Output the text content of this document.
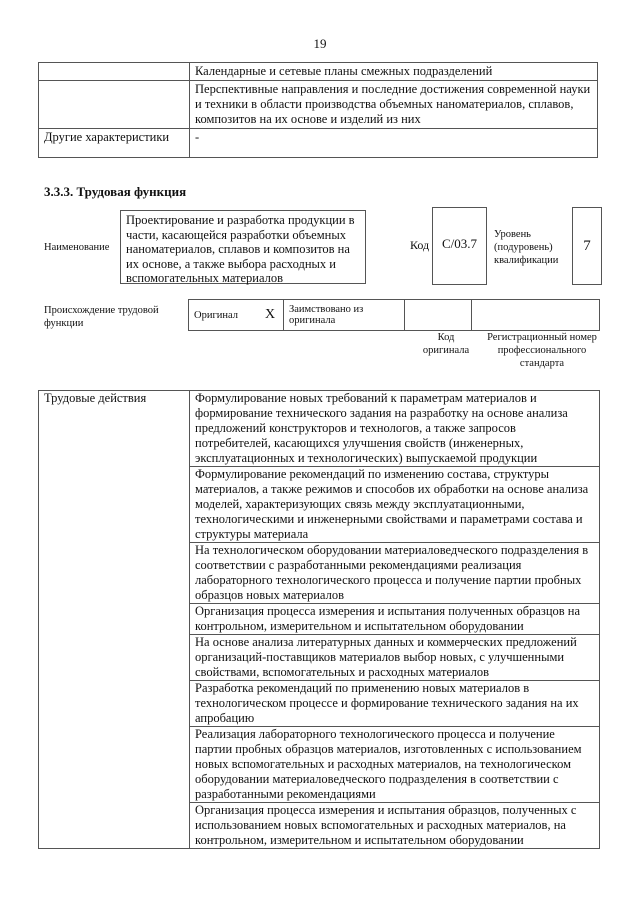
19
	Календарные и сетевые планы смежных подразделений
	Перспективные направления и последние достижения современной науки и техники в области производства объемных наноматериалов, сплавов, композитов на их основе и изделий из них
Другие характеристики	-
3.3.3. Трудовая функция
Наименование
Проектирование и разработка продукции в части, касающейся разработки объемных наноматериалов, сплавов и композитов на их основе, а также выбора расходных и вспомогательных материалов
Код С/03.7
Уровень (подуровень) квалификации
7
Происхождение трудовой функции
Оригинал	Х	Заимствовано из оригинала		
Код оригинала
Регистрационный номер профессионального стандарта
Трудовые действия	Формулирование новых требований к параметрам материалов и формирование технического задания на разработку на основе анализа предложений конструкторов и технологов, а также запросов потребителей, касающихся улучшения свойств (инженерных, эксплуатационных и технологических) выпускаемой продукции
Формулирование рекомендаций по изменению состава, структуры материалов, а также режимов и способов их обработки на основе анализа моделей, характеризующих связь между эксплуатационными, технологическими и инженерными свойствами и параметрами состава и структуры материала
На технологическом оборудовании материаловедческого подразделения в соответствии с разработанными рекомендациями реализация лабораторного технологического процесса и получение партии пробных образцов новых материалов
Организация процесса измерения и испытания полученных образцов на контрольном, измерительном и испытательном оборудовании
На основе анализа литературных данных и коммерческих предложений организаций-поставщиков материалов выбор новых, с улучшенными свойствами, вспомогательных и расходных материалов
Разработка рекомендаций по применению новых материалов в технологическом процессе и формирование технического задания на их апробацию
Реализация лабораторного технологического процесса и получение партии пробных образцов материалов, изготовленных с использованием новых вспомогательных и расходных материалов, на технологическом оборудовании материаловедческого подразделения в соответствии с разработанными рекомендациями
Организация процесса измерения и испытания образцов, полученных с использованием новых вспомогательных и расходных материалов, на контрольном, измерительном и испытательном оборудовании
